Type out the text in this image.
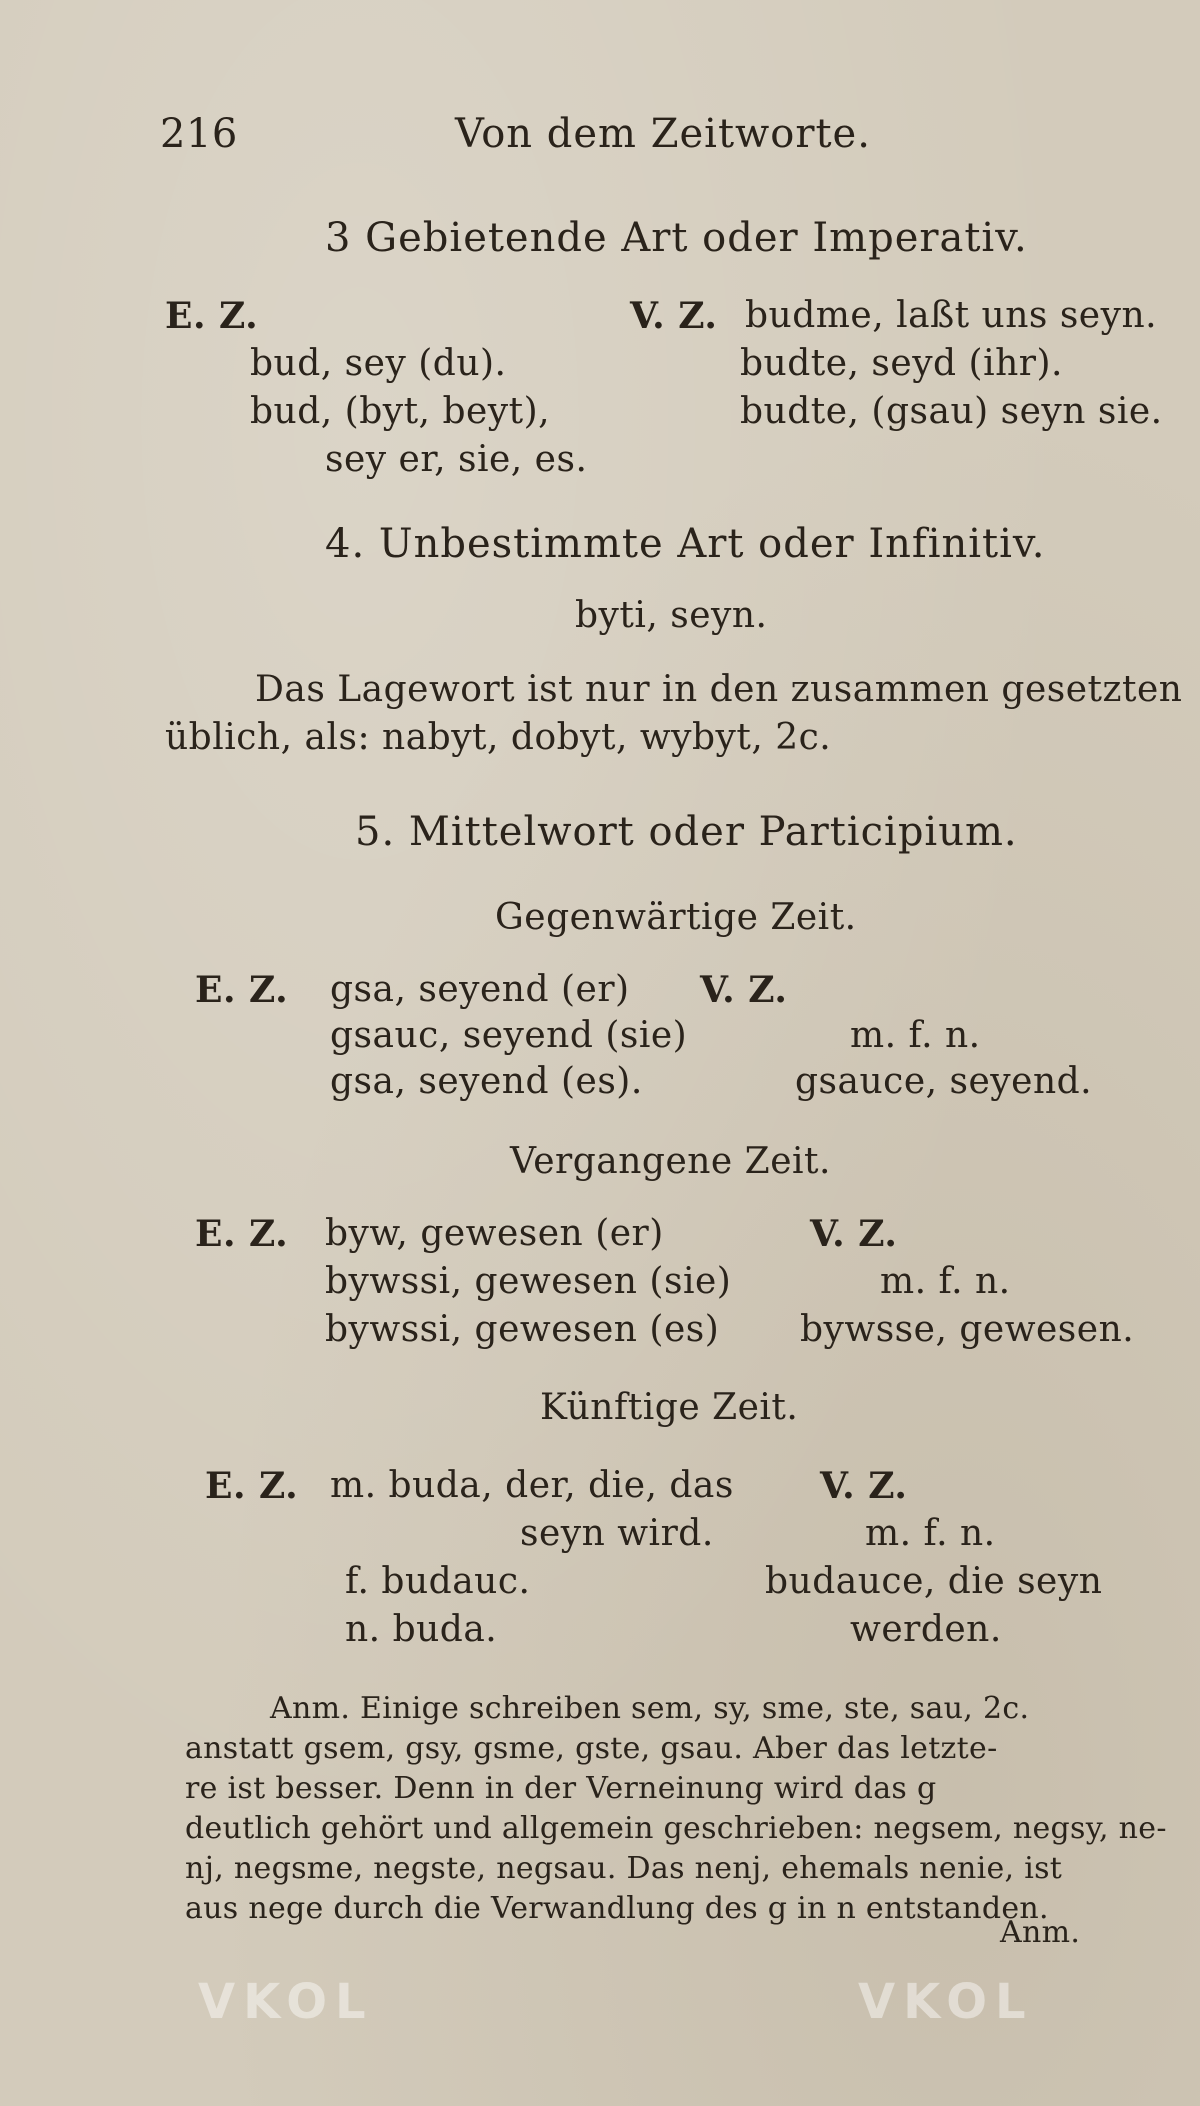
216	Von dem Zeitworte.
3 Gebietende Art oder Imperativ.
E. Z.
bud, sey (du).
bud, (byt, beyt),
sey er, sie, es.
V. Z. budme, laßt uns seyn.
budte, seyd (ihr).
budte, (gsau) seyn sie.
4. Unbestimmte Art oder Infinitiv.
byti, seyn.
Das Lagewort ist nur in den zusammen gesetzten
üblich, als: nabyt, dobyt, wybyt, 2c.
5. Mittelwort oder Participium.
Gegenwärtige Zeit.
E. Z. gsa, seyend (er)
gsauc, seyend (sie)
gsa, seyend (es).
V. Z.
m. f. n.
gsauce, seyend.
Vergangene Zeit.
E. Z. byw, gewesen (er)
bywssi, gewesen (sie)
bywssi, gewesen (es)
V. Z.
m. f. n.
bywsse, gewesen.
Künftige Zeit.
E. Z. m. buda, der, die, das
seyn wird.
f. budauc.
n. buda.
V. Z.
m. f. n.
budauce, die seyn
werden.
Anm. Einige schreiben sem, sy, sme, ste, sau, 2c.
anstatt gsem, gsy, gsme, gste, gsau. Aber das letzte-
re ist besser. Denn in der Verneinung wird das g
deutlich gehört und allgemein geschrieben: negsem, negsy, ne-
nj, negsme, negste, negsau. Das nenj, ehemals nenie, ist
aus nege durch die Verwandlung des g in n entstanden.
Anm.
VKOL	VKOL
